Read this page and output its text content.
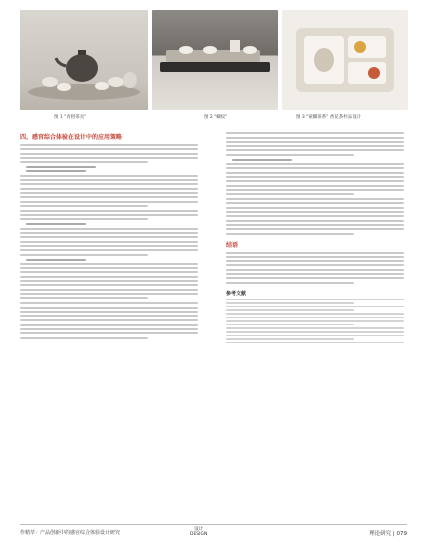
图 1 "青柑茶具"	图 2 "螺纹"	图 3 "蒙麟茶系" 香花茶杯品设计
四、感官综合体验在设计中的应用策略
结语
参考文献
作精萃：产品创新中的感官综合体验设计研究
设计
DESIGN	理论研究 | 079
